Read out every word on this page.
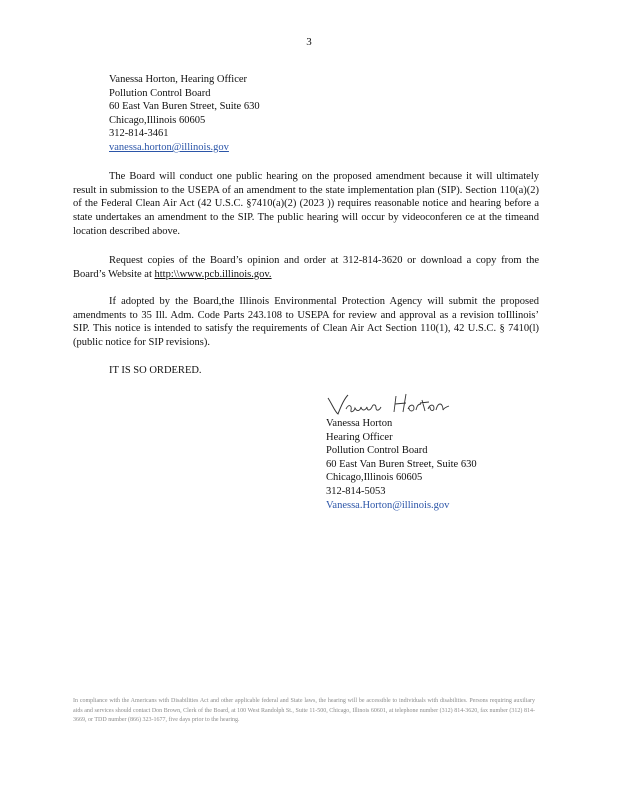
3
Vanessa Horton, Hearing Officer
Pollution Control Board
60 East Van Buren Street, Suite 630
Chicago,Illinois 60605
312-814-3461
vanessa.horton@illinois.gov
The Board will conduct one public hearing on the proposed amendment because it will ultimately result in submission to the USEPA of an amendment to the state implementation plan (SIP). Section 110(a)(2) of the Federal Clean Air Act (42 U.S.C. §7410(a)(2) (2023 )) requires reasonable notice and hearing before a state undertakes an amendment to the SIP. The public hearing will occur by videoconferen ce at the timeand location described above.
Request copies of the Board’s opinion and order at 312-814-3620 or download a copy from the Board’s Website at http:\\www.pcb.illinois.gov.
If adopted by the Board,the Illinois Environmental Protection Agency will submit the proposed amendments to 35 Ill. Adm. Code Parts 243.108 to USEPA for review and approval as a revision toIllinois’ SIP. This notice is intended to satisfy the requirements of Clean Air Act Section 110(1), 42 U.S.C. § 7410(l) (public notice for SIP revisions).
IT IS SO ORDERED.
Vanessa Horton
Hearing Officer
Pollution Control Board
60 East Van Buren Street, Suite 630
Chicago,Illinois 60605
312-814-5053
Vanessa.Horton@illinois.gov
In compliance with the Americans with Disabilities Act and other applicable federal and State laws, the hearing will be accessible to individuals with disabilities. Persons requiring auxiliary aids and services should contact Don Brown, Clerk of the Board, at 100 West Randolph St., Suite 11-500, Chicago, Illinois 60601, at telephone number (312) 814-3620, fax number (312) 814-3669, or TDD number (866) 323-1677, five days prior to the hearing.
